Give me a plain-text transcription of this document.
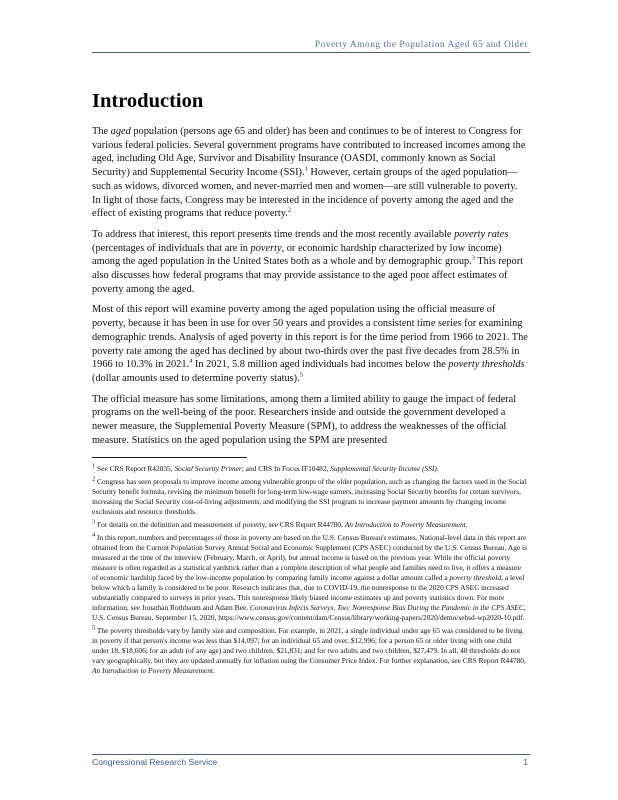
Poverty Among the Population Aged 65 and Older
Introduction

The aged population (persons age 65 and older) has been and continues to be of interest to Congress for various federal policies. Several government programs have contributed to increased incomes among the aged, including Old Age, Survivor and Disability Insurance (OASDI, commonly known as Social Security) and Supplemental Security Income (SSI).$^1$ However, certain groups of the aged population—such as widows, divorced women, and never-married men and women—are still vulnerable to poverty. In light of those facts, Congress may be interested in the incidence of poverty among the aged and the effect of existing programs that reduce poverty.$^2$

To address that interest, this report presents time trends and the most recently available poverty rates (percentages of individuals that are in poverty, or economic hardship characterized by low income) among the aged population in the United States both as a whole and by demographic group.$^3$ This report also discusses how federal programs that may provide assistance to the aged poor affect estimates of poverty among the aged.

Most of this report will examine poverty among the aged population using the official measure of poverty, because it has been in use for over 50 years and provides a consistent time series for examining demographic trends. Analysis of aged poverty in this report is for the time period from 1966 to 2021. The poverty rate among the aged has declined by about two-thirds over the past five decades from 28.5% in 1966 to 10.3% in 2021.$^4$ In 2021, 5.8 million aged individuals had incomes below the poverty thresholds (dollar amounts used to determine poverty status).$^5$

The official measure has some limitations, among them a limited ability to gauge the impact of federal programs on the well-being of the poor. Researchers inside and outside the government developed a newer measure, the Supplemental Poverty Measure (SPM), to address the weaknesses of the official measure. Statistics on the aged population using the SPM are presented

$^1$ See CRS Report R42035, Social Security Primer; and CRS In Focus IF10482, Supplemental Security Income (SSI).

$^2$ Congress has seen proposals to improve income among vulnerable groups of the older population, such as changing the factors used in the Social Security benefit formula, revising the minimum benefit for long-term low-wage earners, increasing Social Security benefits for certain survivors, increasing the Social Security cost-of-living adjustments, and modifying the SSI program to increase payment amounts by changing income exclusions and resource thresholds.

$^3$ For details on the definition and measurement of poverty, see CRS Report R44780, An Introduction to Poverty Measurement.

$^4$ In this report, numbers and percentages of those in poverty are based on the U.S. Census Bureau's estimates. National-level data in this report are obtained from the Current Population Survey Annual Social and Economic Supplement (CPS ASEC) conducted by the U.S. Census Bureau. Age is measured at the time of the interview (February, March, or April), but annual income is based on the previous year. While the official poverty measure is often regarded as a statistical yardstick rather than a complete description of what people and families need to live, it offers a measure of economic hardship faced by the low-income population by comparing family income against a dollar amount called a poverty threshold, a level below which a family is considered to be poor. Research indicates that, due to COVID-19, the nonresponse to the 2020 CPS ASEC increased substantially compared to surveys in prior years. This nonresponse likely biased income estimates up and poverty statistics down. For more information, see Jonathan Rothbaum and Adam Bee, Coronavirus Infects Surveys, Too: Nonresponse Bias During the Pandemic in the CPS ASEC, U.S. Census Bureau, September 15, 2020, https://www.census.gov/content/dam/Census/library/working-papers/2020/demo/sehsd-wp2020-10.pdf.

$^5$ The poverty thresholds vary by family size and composition. For example, in 2021, a single individual under age 65 was considered to be living in poverty if that person's income was less than $14,097; for an individual 65 and over, $12,996; for a person 65 or older living with one child under 18, $18,606; for an adult (of any age) and two children, $21,831; and for two adults and two children, $27,479. In all, 48 thresholds do not vary geographically, but they are updated annually for inflation using the Consumer Price Index. For further explanation, see CRS Report R44780, An Introduction to Poverty Measurement.

Congressional Research Service	1
